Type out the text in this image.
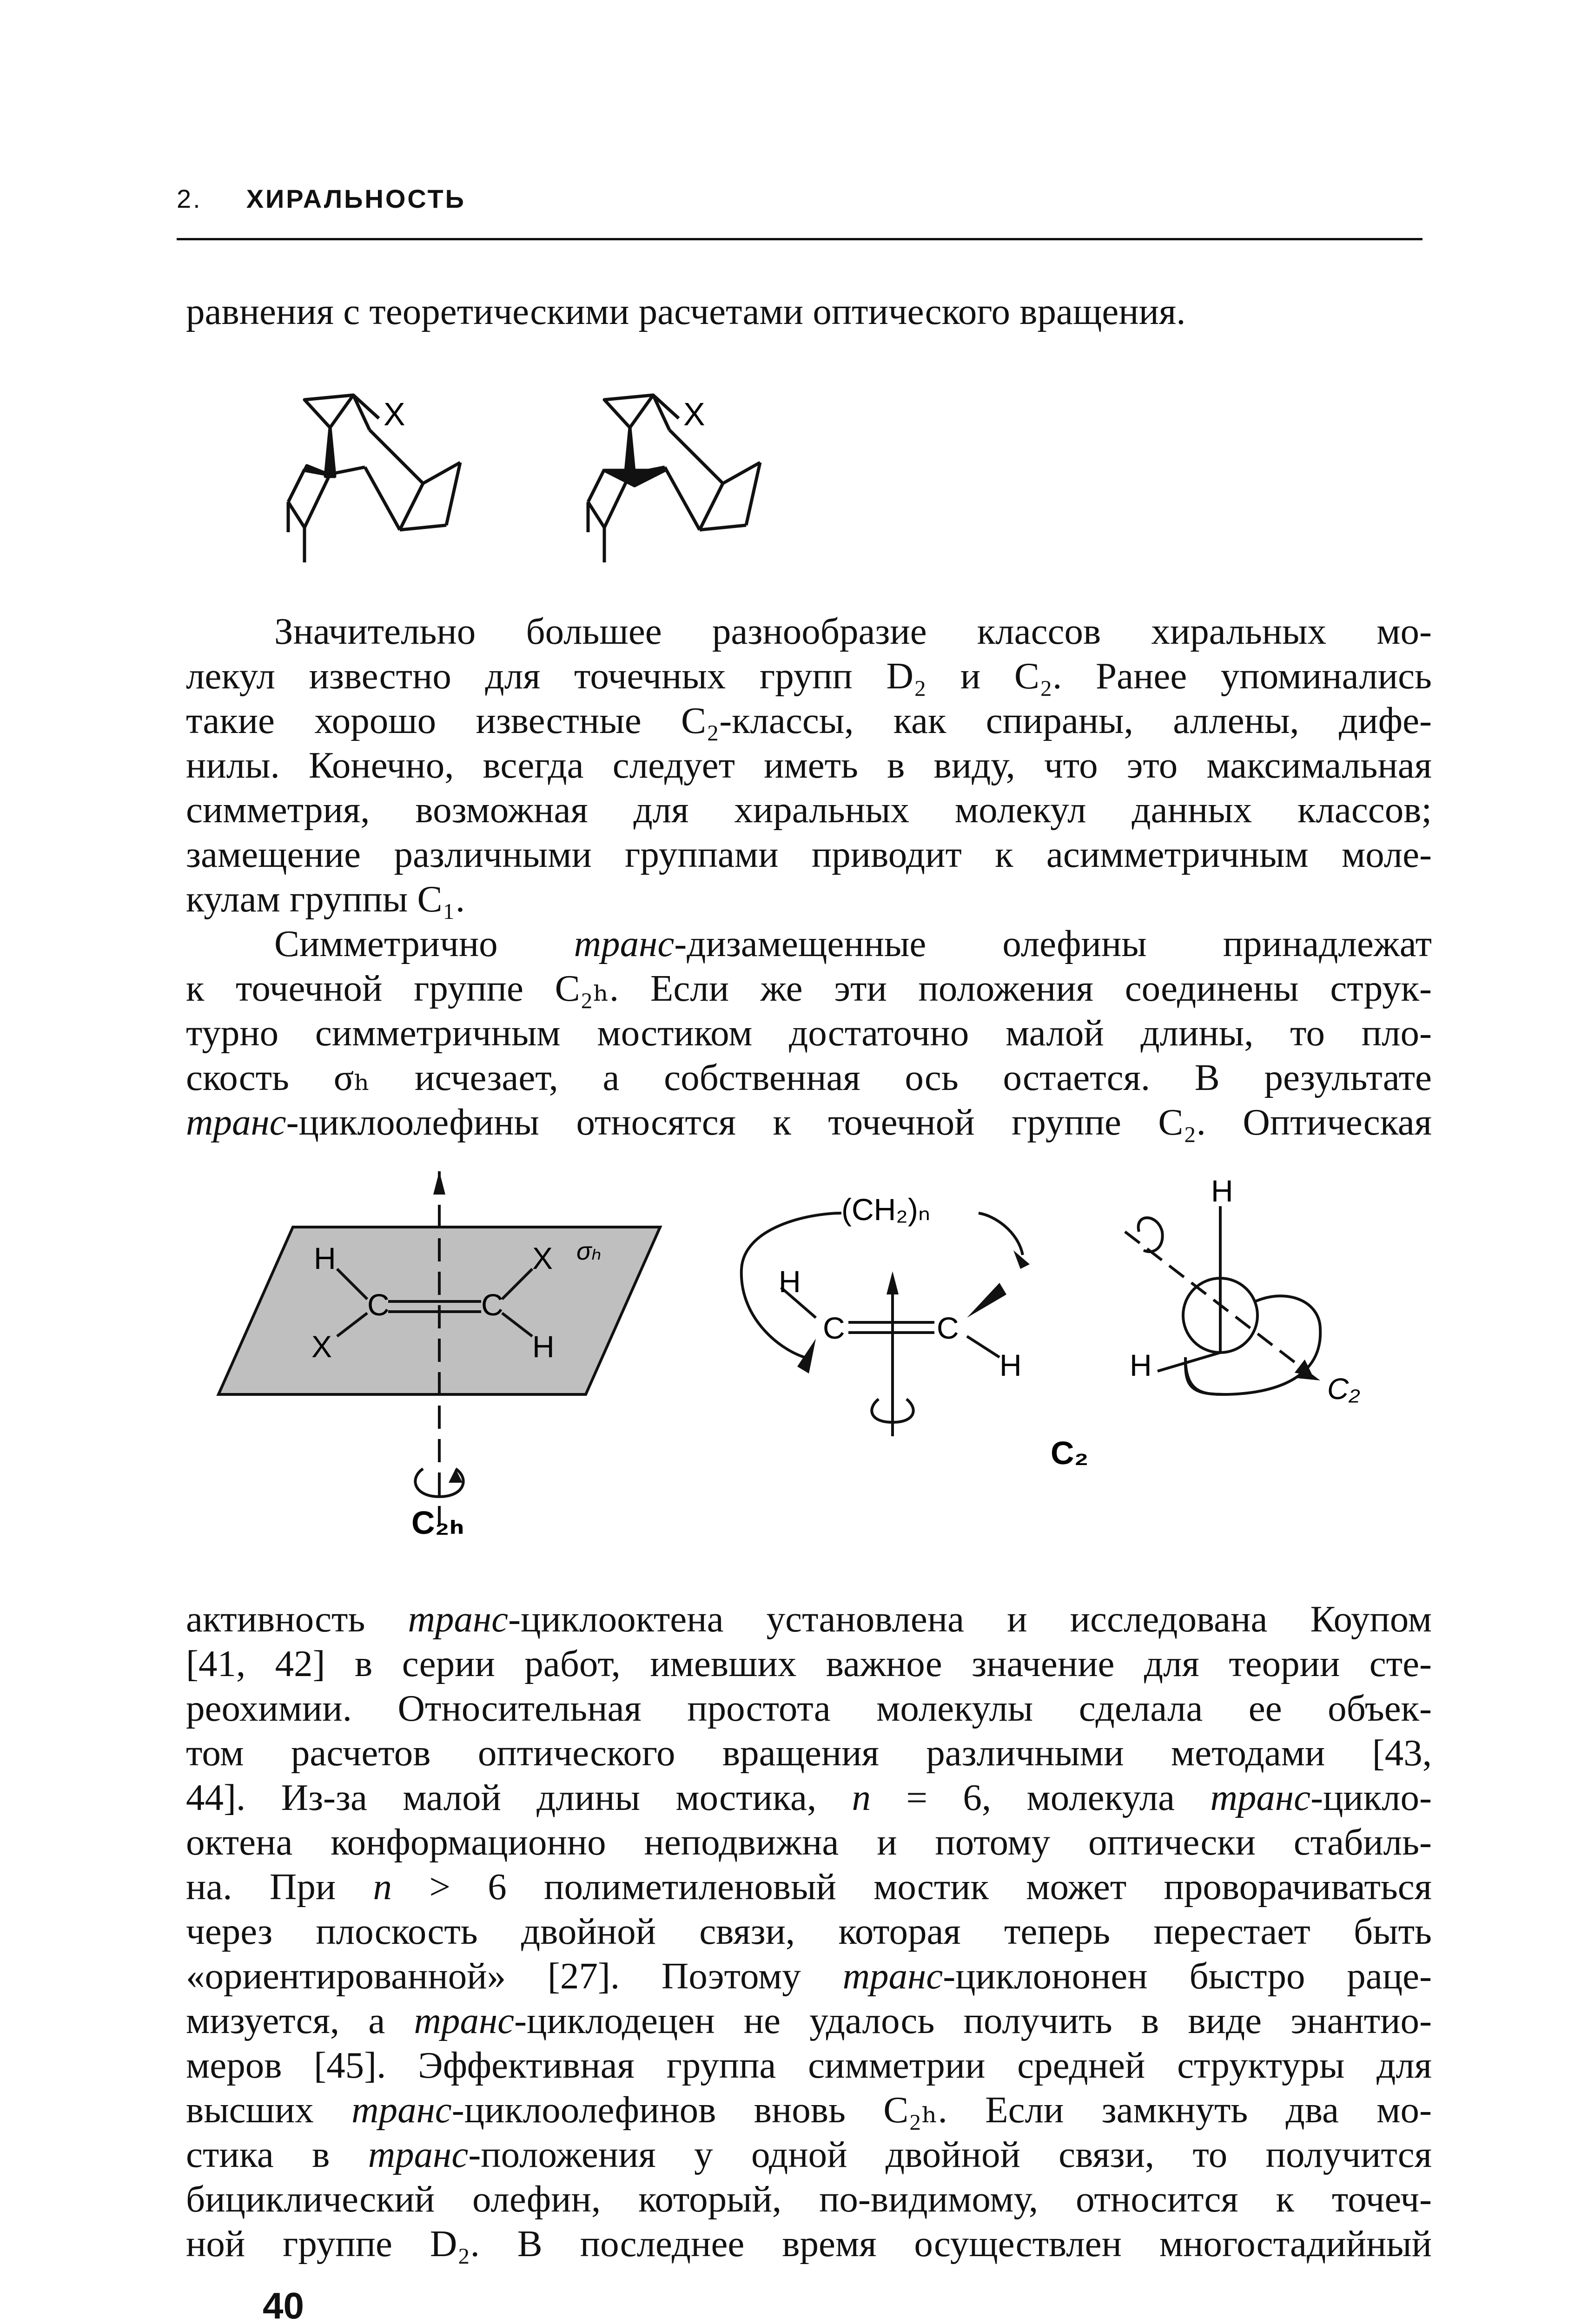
2. ХИРАЛЬНОСТЬ

равнения с теоретическими расчетами оптического вращения.

X	X

Значительно большее разнообразие классов хиральных мо-
лекул известно для точечных групп D₂ и C₂. Ранее упоминались
такие хорошо известные C₂-классы, как спираны, аллены, дифе-
нилы. Конечно, всегда следует иметь в виду, что это максимальная
симметрия, возможная для хиральных молекул данных классов;
замещение различными группами приводит к асимметричным моле-
кулам группы C₁.

Симметрично транс-дизамещенные олефины принадлежат
к точечной группе C₂ₕ. Если же эти положения соединены струк-
турно симметричным мостиком достаточно малой длины, то пло-
скость σₕ исчезает, а собственная ось остается. В результате
транс-циклоолефины относятся к точечной группе C₂. Оптическая

H
X
C	C
X
H
σₕ
C₂ₕ
(CH₂)ₙ
H
C	C
H
C₂
H
H
C₂

активность транс-циклооктена установлена и исследована Коупом
[41, 42] в серии работ, имевших важное значение для теории сте-
реохимии. Относительная простота молекулы сделала ее объек-
том расчетов оптического вращения различными методами [43,
44]. Из-за малой длины мостика, n = 6, молекула транс-цикло-
октена конформационно неподвижна и потому оптически стабиль-
на. При n > 6 полиметиленовый мостик может проворачиваться
через плоскость двойной связи, которая теперь перестает быть
«ориентированной» [27]. Поэтому транс-циклононен быстро раце-
мизуется, а транс-циклодецен не удалось получить в виде энантио-
меров [45]. Эффективная группа симметрии средней структуры для
высших транс-циклоолефинов вновь C₂ₕ. Если замкнуть два мо-
стика в транс-положения у одной двойной связи, то получится
бициклический олефин, который, по-видимому, относится к точеч-
ной группе D₂. В последнее время осуществлен многостадийный

40
